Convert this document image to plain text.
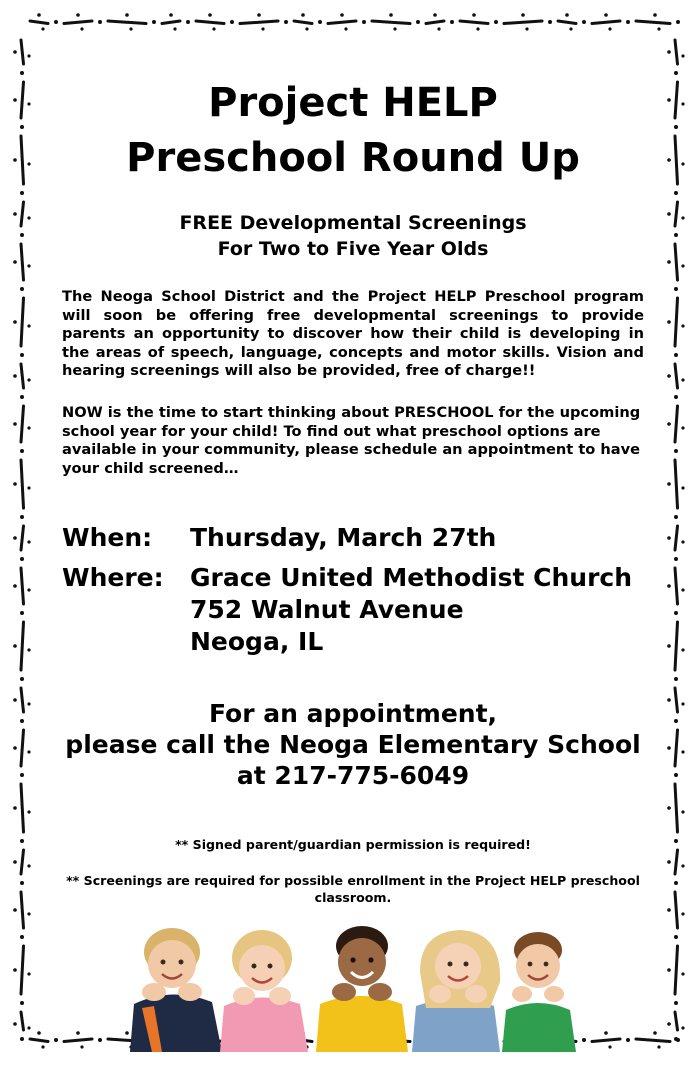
Project HELP
Preschool Round Up
FREE Developmental Screenings
For Two to Five Year Olds
The Neoga School District and the Project HELP Preschool program will soon be offering free developmental screenings to provide parents an opportunity to discover how their child is developing in the areas of speech, language, concepts and motor skills. Vision and hearing screenings will also be provided, free of charge!!
NOW is the time to start thinking about PRESCHOOL for the upcoming school year for your child! To find out what preschool options are available in your community, please schedule an appointment to have your child screened…
When:	Thursday, March 27th
Where:	Grace United Methodist Church
752 Walnut Avenue
Neoga, IL
For an appointment,
please call the Neoga Elementary School
at 217-775-6049
** Signed parent/guardian permission is required!
** Screenings are required for possible enrollment in the Project HELP preschool classroom.
